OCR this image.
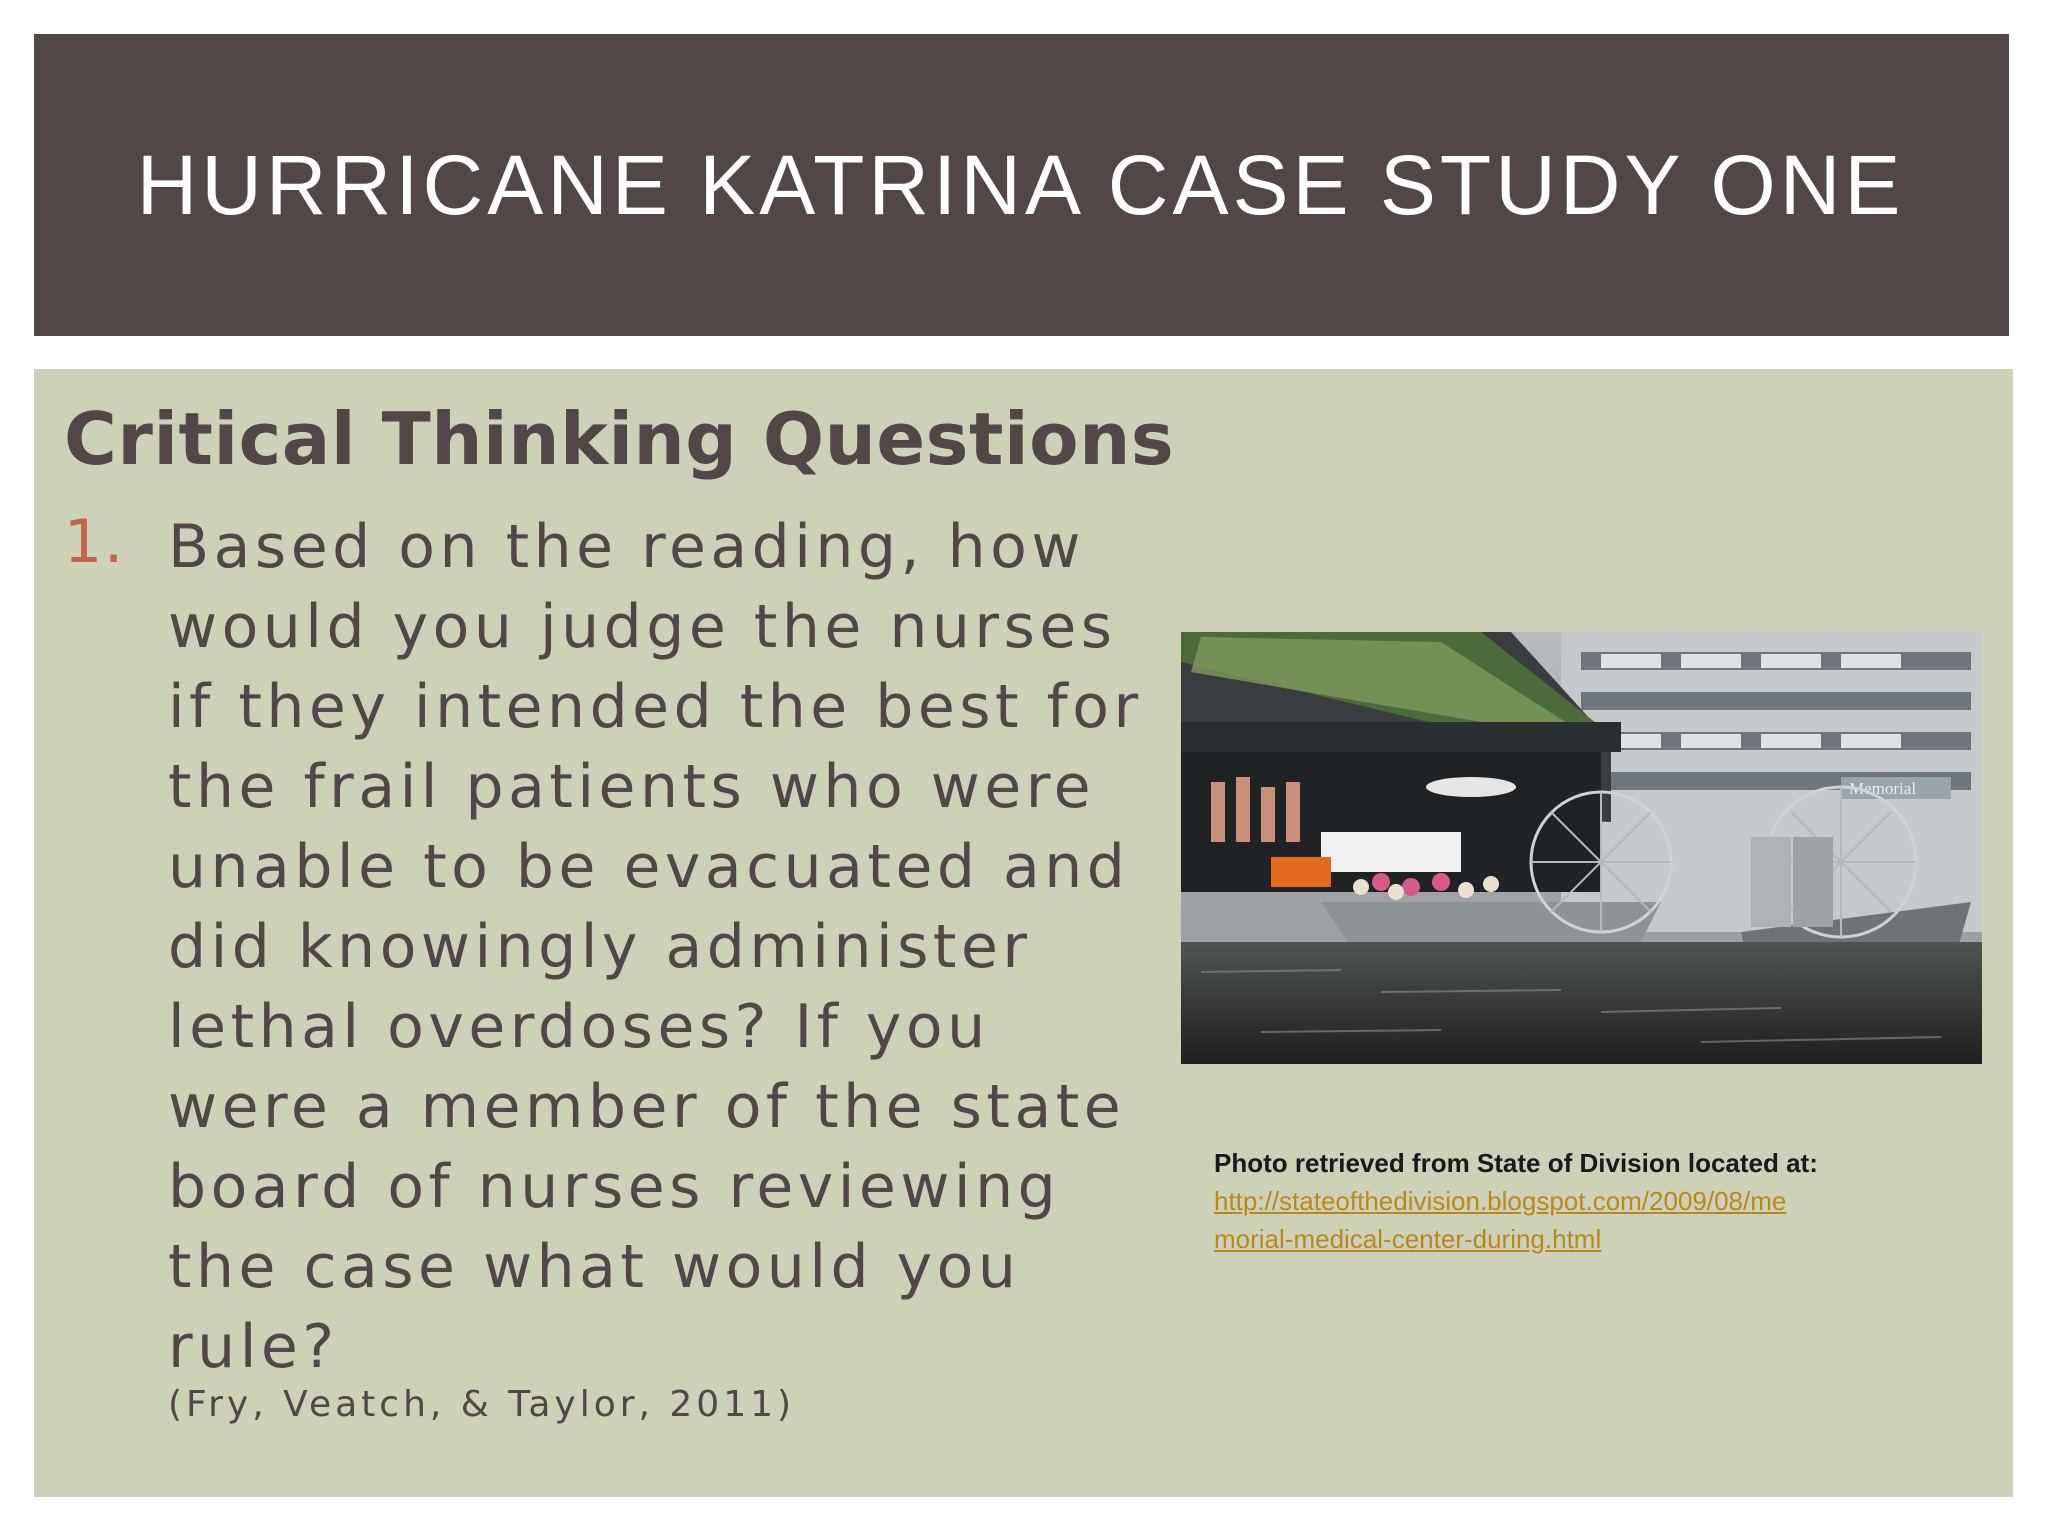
HURRICANE KATRINA CASE STUDY ONE
Critical Thinking Questions
1. Based on the reading, how
would you judge the nurses
if they intended the best for
the frail patients who were
unable to be evacuated and
did knowingly administer
lethal overdoses? If you
were a member of the state
board of nurses reviewing
the case what would you
rule?
(Fry, Veatch, & Taylor, 2011)
Memorial
Photo retrieved from State of Division located at:
http://stateofthedivision.blogspot.com/2009/08/me
morial-medical-center-during.html
